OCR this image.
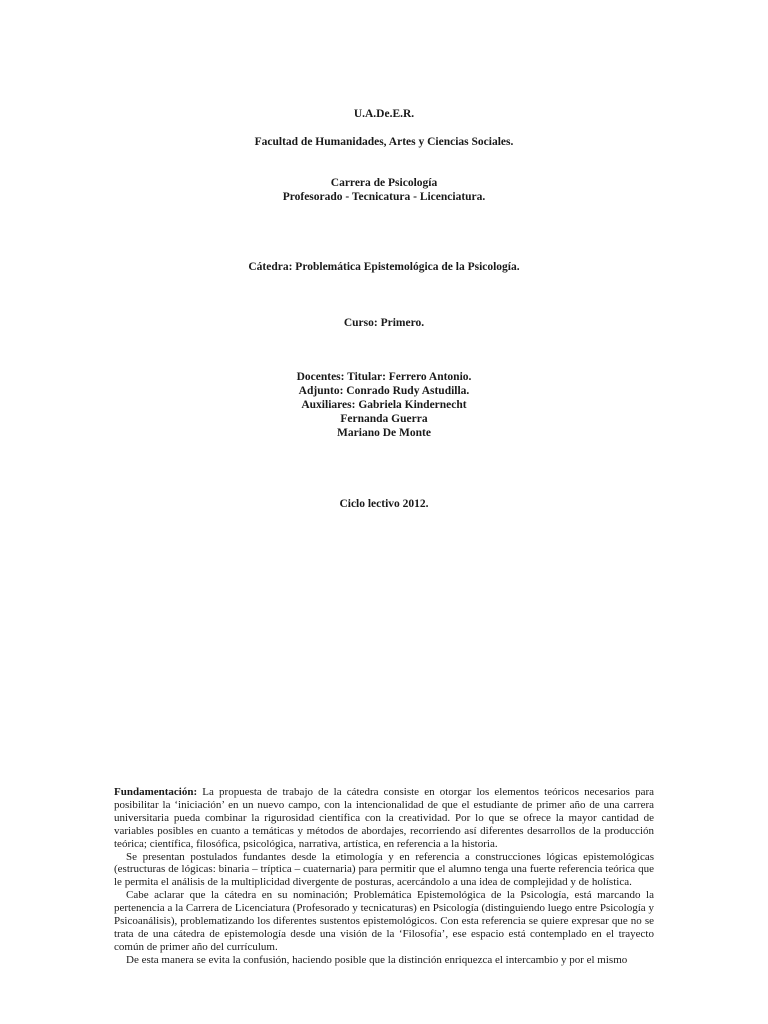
U.A.De.E.R.
Facultad de Humanidades, Artes y Ciencias Sociales.
Carrera de Psicología
Profesorado - Tecnicatura - Licenciatura.
Cátedra: Problemática Epistemológica de la Psicología.
Curso: Primero.
Docentes: Titular: Ferrero Antonio.
Adjunto: Conrado Rudy Astudilla.
Auxiliares: Gabriela Kindernecht
Fernanda Guerra
Mariano De Monte
Ciclo lectivo 2012.

Fundamentación: La propuesta de trabajo de la cátedra consiste en otorgar los elementos teóricos necesarios para posibilitar la ‘iniciación’ en un nuevo campo, con la intencionalidad de que el estudiante de primer año de una carrera universitaria pueda combinar la rigurosidad científica con la creatividad. Por lo que se ofrece la mayor cantidad de variables posibles en cuanto a temáticas y métodos de abordajes, recorriendo así diferentes desarrollos de la producción teórica; científica, filosófica, psicológica, narrativa, artística, en referencia a la historia.

Se presentan postulados fundantes desde la etimología y en referencia a construcciones lógicas epistemológicas (estructuras de lógicas: binaria – tríptica – cuaternaria) para permitir que el alumno tenga una fuerte referencia teórica que le permita el análisis de la multiplicidad divergente de posturas, acercándolo a una idea de complejidad y de holística.

Cabe aclarar que la cátedra en su nominación; Problemática Epistemológica de la Psicología, está marcando la pertenencia a la Carrera de Licenciatura (Profesorado y tecnicaturas) en Psicología (distinguiendo luego entre Psicología y Psicoanálisis), problematizando los diferentes sustentos epistemológicos. Con esta referencia se quiere expresar que no se trata de una cátedra de epistemología desde una visión de la ‘Filosofía’, ese espacio está contemplado en el trayecto común de primer año del currículum.

De esta manera se evita la confusión, haciendo posible que la distinción enriquezca el intercambio y por el mismo
